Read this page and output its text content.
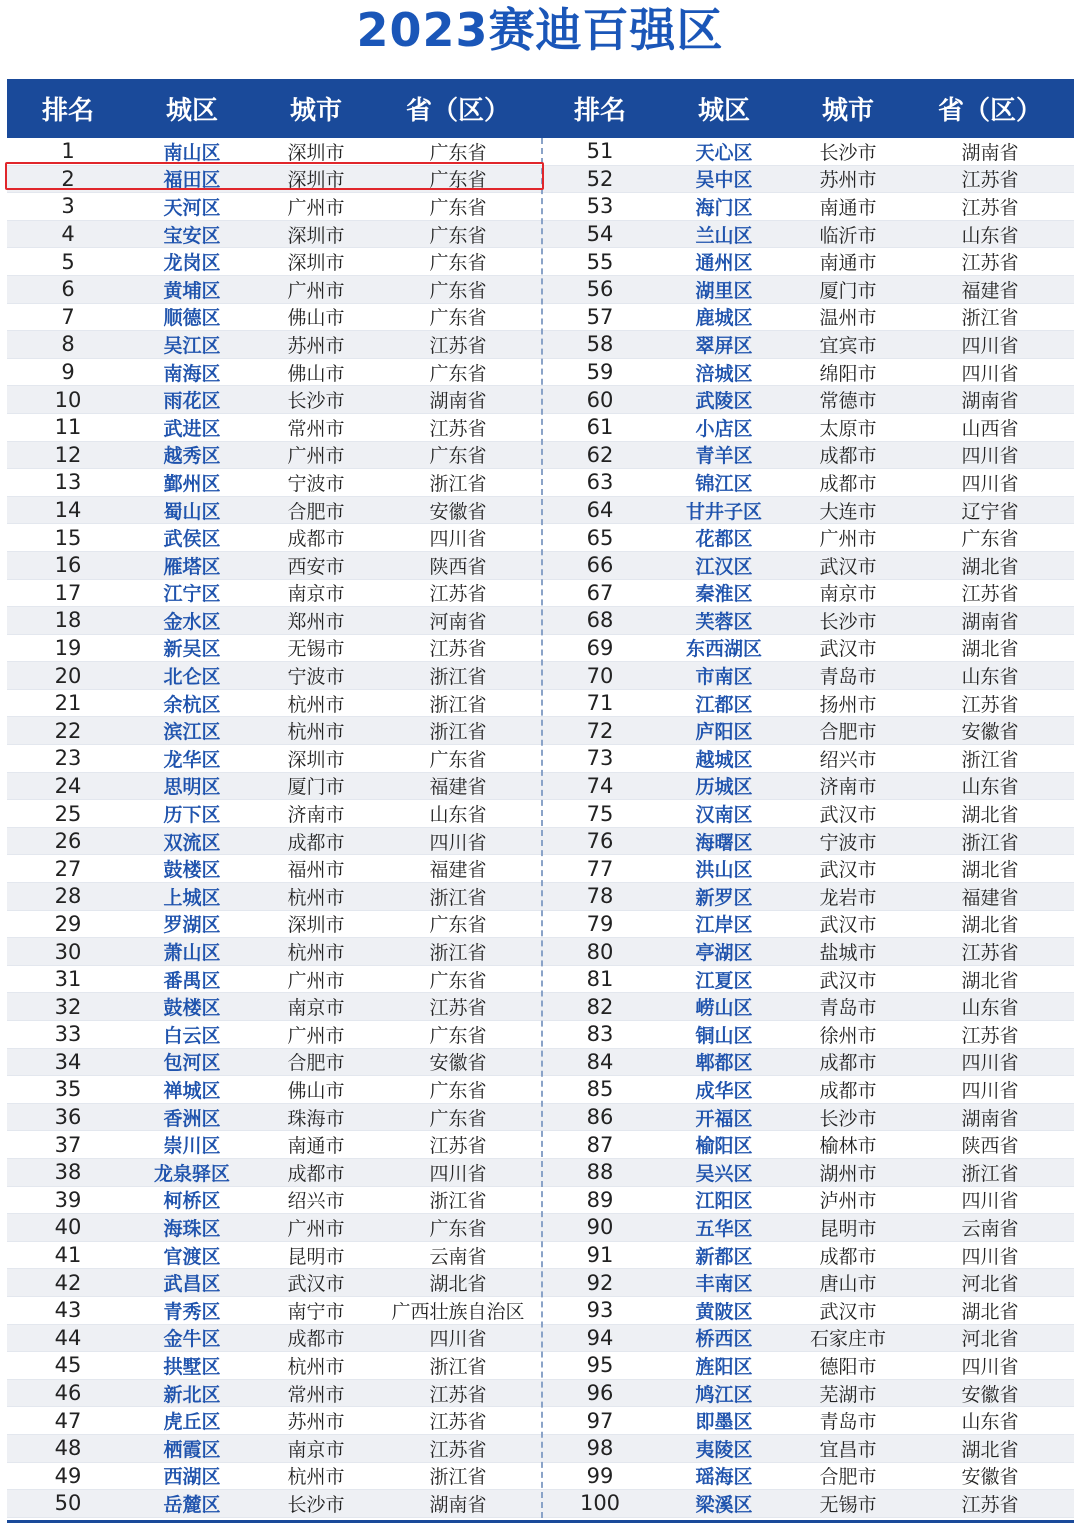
2023赛迪百强区
排名	城区	城市	省（区）	排名	城区	城市	省（区）
1	南山区	深圳市	广东省	51	天心区	长沙市	湖南省
2	福田区	深圳市	广东省	52	吴中区	苏州市	江苏省
3	天河区	广州市	广东省	53	海门区	南通市	江苏省
4	宝安区	深圳市	广东省	54	兰山区	临沂市	山东省
5	龙岗区	深圳市	广东省	55	通州区	南通市	江苏省
6	黄埔区	广州市	广东省	56	湖里区	厦门市	福建省
7	顺德区	佛山市	广东省	57	鹿城区	温州市	浙江省
8	吴江区	苏州市	江苏省	58	翠屏区	宜宾市	四川省
9	南海区	佛山市	广东省	59	涪城区	绵阳市	四川省
10	雨花区	长沙市	湖南省	60	武陵区	常德市	湖南省
11	武进区	常州市	江苏省	61	小店区	太原市	山西省
12	越秀区	广州市	广东省	62	青羊区	成都市	四川省
13	鄞州区	宁波市	浙江省	63	锦江区	成都市	四川省
14	蜀山区	合肥市	安徽省	64	甘井子区	大连市	辽宁省
15	武侯区	成都市	四川省	65	花都区	广州市	广东省
16	雁塔区	西安市	陕西省	66	江汉区	武汉市	湖北省
17	江宁区	南京市	江苏省	67	秦淮区	南京市	江苏省
18	金水区	郑州市	河南省	68	芙蓉区	长沙市	湖南省
19	新吴区	无锡市	江苏省	69	东西湖区	武汉市	湖北省
20	北仑区	宁波市	浙江省	70	市南区	青岛市	山东省
21	余杭区	杭州市	浙江省	71	江都区	扬州市	江苏省
22	滨江区	杭州市	浙江省	72	庐阳区	合肥市	安徽省
23	龙华区	深圳市	广东省	73	越城区	绍兴市	浙江省
24	思明区	厦门市	福建省	74	历城区	济南市	山东省
25	历下区	济南市	山东省	75	汉南区	武汉市	湖北省
26	双流区	成都市	四川省	76	海曙区	宁波市	浙江省
27	鼓楼区	福州市	福建省	77	洪山区	武汉市	湖北省
28	上城区	杭州市	浙江省	78	新罗区	龙岩市	福建省
29	罗湖区	深圳市	广东省	79	江岸区	武汉市	湖北省
30	萧山区	杭州市	浙江省	80	亭湖区	盐城市	江苏省
31	番禺区	广州市	广东省	81	江夏区	武汉市	湖北省
32	鼓楼区	南京市	江苏省	82	崂山区	青岛市	山东省
33	白云区	广州市	广东省	83	铜山区	徐州市	江苏省
34	包河区	合肥市	安徽省	84	郫都区	成都市	四川省
35	禅城区	佛山市	广东省	85	成华区	成都市	四川省
36	香洲区	珠海市	广东省	86	开福区	长沙市	湖南省
37	崇川区	南通市	江苏省	87	榆阳区	榆林市	陕西省
38	龙泉驿区	成都市	四川省	88	吴兴区	湖州市	浙江省
39	柯桥区	绍兴市	浙江省	89	江阳区	泸州市	四川省
40	海珠区	广州市	广东省	90	五华区	昆明市	云南省
41	官渡区	昆明市	云南省	91	新都区	成都市	四川省
42	武昌区	武汉市	湖北省	92	丰南区	唐山市	河北省
43	青秀区	南宁市	广西壮族自治区	93	黄陂区	武汉市	湖北省
44	金牛区	成都市	四川省	94	桥西区	石家庄市	河北省
45	拱墅区	杭州市	浙江省	95	旌阳区	德阳市	四川省
46	新北区	常州市	江苏省	96	鸠江区	芜湖市	安徽省
47	虎丘区	苏州市	江苏省	97	即墨区	青岛市	山东省
48	栖霞区	南京市	江苏省	98	夷陵区	宜昌市	湖北省
49	西湖区	杭州市	浙江省	99	瑶海区	合肥市	安徽省
50	岳麓区	长沙市	湖南省	100	梁溪区	无锡市	江苏省
